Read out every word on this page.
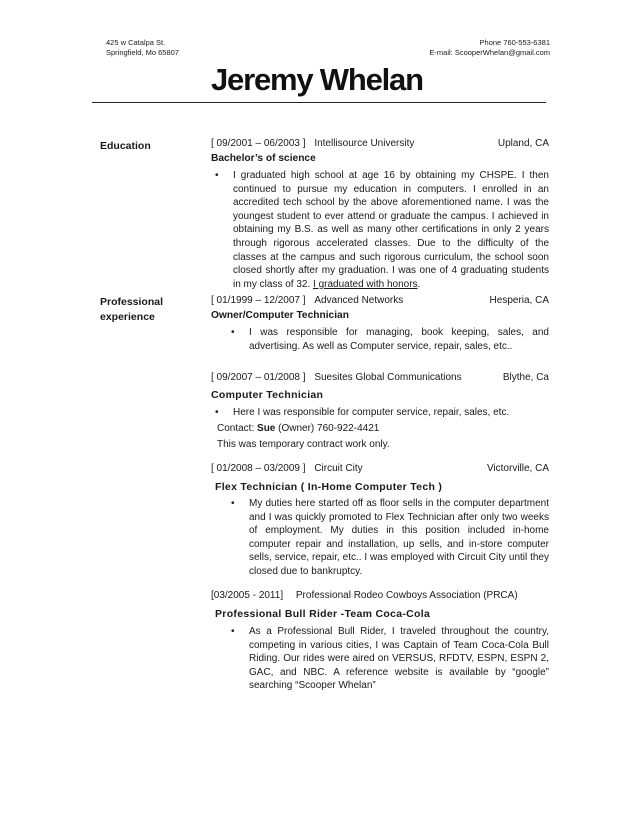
425 w Catalpa St.
Springfield, Mo 65807
Phone 760-553-6381
E-mail: ScooperWhelan@gmail.com
Jeremy Whelan
Education	[ 09/2001 – 06/2003 ] Intellisource University	Upland, CA
Bachelor’s of science
• I graduated high school at age 16 by obtaining my CHSPE. I then continued to pursue my education in computers. I enrolled in an accredited tech school by the above aforementioned name. I was the youngest student to ever attend or graduate the campus. I achieved in obtaining my B.S. as well as many other certifications in only 2 years through rigorous accelerated classes. Due to the difficulty of the classes at the campus and such rigorous curriculum, the school soon closed shortly after my graduation. I was one of 4 graduating students in my class of 32. I graduated with honors.
Professional
experience
[ 01/1999 – 12/2007 ] Advanced Networks	Hesperia, CA
Owner/Computer Technician
• I was responsible for managing, book keeping, sales, and advertising. As well as Computer service, repair, sales, etc..
[ 09/2007 – 01/2008 ] Suesites Global Communications	Blythe, Ca
Computer Technician
• Here I was responsible for computer service, repair, sales, etc.
Contact: Sue (Owner) 760-922-4421
This was temporary contract work only.
[ 01/2008 – 03/2009 ] Circuit City	Victorville, CA
Flex Technician ( In-Home Computer Tech )
• My duties here started off as floor sells in the computer department and I was quickly promoted to Flex Technician after only two weeks of employment. My duties in this position included in-home computer repair and installation, up sells, and in-store computer sells, service, repair, etc.. I was employed with Circuit City until they closed due to bankruptcy.
[03/2005 - 2011] Professional Rodeo Cowboys Association (PRCA)
Professional Bull Rider -Team Coca-Cola
• As a Professional Bull Rider, I traveled throughout the country, competing in various cities, I was Captain of Team Coca-Cola Bull Riding. Our rides were aired on VERSUS, RFDTV, ESPN, ESPN 2, GAC, and NBC. A reference website is available by “google” searching “Scooper Whelan”
